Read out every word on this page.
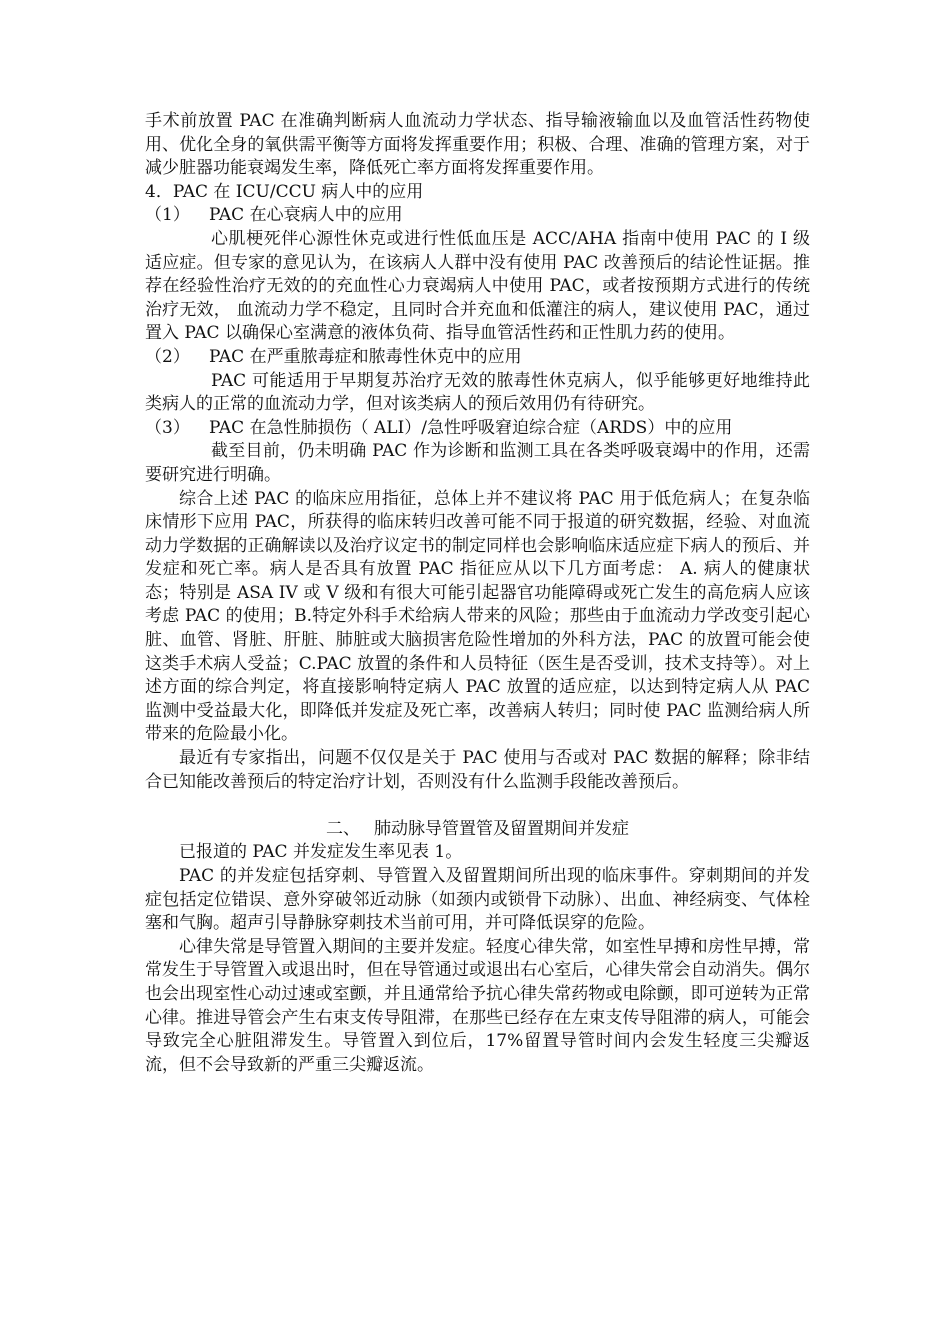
手术前放置 PAC 在准确判断病人血流动力学状态、指导输液输血以及血管活性药物使用、优化全身的氧供需平衡等方面将发挥重要作用；积极、合理、准确的管理方案，对于减少脏器功能衰竭发生率，降低死亡率方面将发挥重要作用。

4．PAC 在 ICU/CCU 病人中的应用

（1） PAC 在心衰病人中的应用

心肌梗死伴心源性休克或进行性低血压是 ACC/AHA 指南中使用 PAC 的 I 级适应症。但专家的意见认为，在该病人人群中没有使用 PAC 改善预后的结论性证据。推荐在经验性治疗无效的的充血性心力衰竭病人中使用 PAC，或者按预期方式进行的传统治疗无效， 血流动力学不稳定，且同时合并充血和低灌注的病人，建议使用 PAC，通过置入 PAC 以确保心室满意的液体负荷、指导血管活性药和正性肌力药的使用。

（2） PAC 在严重脓毒症和脓毒性休克中的应用

PAC 可能适用于早期复苏治疗无效的脓毒性休克病人，似乎能够更好地维持此类病人的正常的血流动力学，但对该类病人的预后效用仍有待研究。

（3） PAC 在急性肺损伤（ ALI）/急性呼吸窘迫综合症（ARDS）中的应用

截至目前，仍未明确 PAC 作为诊断和监测工具在各类呼吸衰竭中的作用，还需要研究进行明确。

综合上述 PAC 的临床应用指征，总体上并不建议将 PAC 用于低危病人；在复杂临床情形下应用 PAC，所获得的临床转归改善可能不同于报道的研究数据，经验、对血流动力学数据的正确解读以及治疗议定书的制定同样也会影响临床适应症下病人的预后、并发症和死亡率。病人是否具有放置 PAC 指征应从以下几方面考虑： A. 病人的健康状态；特别是 ASA IV 或 V 级和有很大可能引起器官功能障碍或死亡发生的高危病人应该考虑 PAC 的使用；B.特定外科手术给病人带来的风险；那些由于血流动力学改变引起心脏、血管、肾脏、肝脏、肺脏或大脑损害危险性增加的外科方法，PAC 的放置可能会使这类手术病人受益；C.PAC 放置的条件和人员特征（医生是否受训，技术支持等）。对上述方面的综合判定，将直接影响特定病人 PAC 放置的适应症，以达到特定病人从 PAC 监测中受益最大化，即降低并发症及死亡率，改善病人转归；同时使 PAC 监测给病人所带来的危险最小化。

最近有专家指出，问题不仅仅是关于 PAC 使用与否或对 PAC 数据的解释；除非结合已知能改善预后的特定治疗计划，否则没有什么监测手段能改善预后。

二、　 肺动脉导管置管及留置期间并发症

已报道的 PAC 并发症发生率见表 1。

PAC 的并发症包括穿刺、导管置入及留置期间所出现的临床事件。穿刺期间的并发症包括定位错误、意外穿破邻近动脉（如颈内或锁骨下动脉）、出血、神经病变、气体栓塞和气胸。超声引导静脉穿刺技术当前可用，并可降低误穿的危险。

心律失常是导管置入期间的主要并发症。轻度心律失常，如室性早搏和房性早搏，常常发生于导管置入或退出时，但在导管通过或退出右心室后，心律失常会自动消失。偶尔也会出现室性心动过速或室颤，并且通常给予抗心律失常药物或电除颤，即可逆转为正常心律。推进导管会产生右束支传导阻滞，在那些已经存在左束支传导阻滞的病人，可能会导致完全心脏阻滞发生。导管置入到位后，17%留置导管时间内会发生轻度三尖瓣返流，但不会导致新的严重三尖瓣返流。
